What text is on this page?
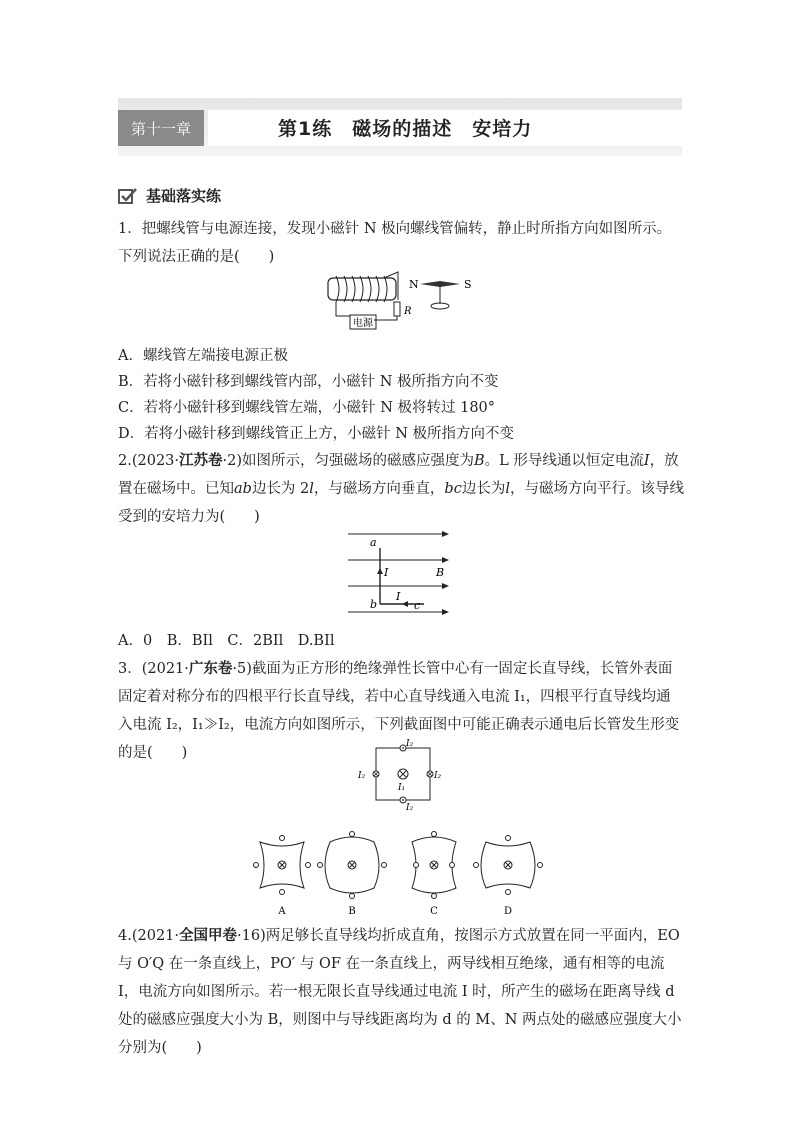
第十一章	第1练　磁场的描述　安培力
基础落实练
1．把螺线管与电源连接，发现小磁针 N 极向螺线管偏转，静止时所指方向如图所示。下列说法正确的是(　　)
电源
R
N	S
A．螺线管左端接电源正极
B．若将小磁针移到螺线管内部，小磁针 N 极所指方向不变
C．若将小磁针移到螺线管左端，小磁针 N 极将转过 180°
D．若将小磁针移到螺线管正上方，小磁针 N 极所指方向不变
2.(2023·江苏卷·2)如图所示，匀强磁场的磁感应强度为B。L 形导线通以恒定电流I，放置在磁场中。已知ab边长为 2l，与磁场方向垂直，bc边长为l，与磁场方向平行。该导线受到的安培力为(　　)
a
I	B
b
I
c
A．0　B．BIl　C．2BIl　D.BIl
3．(2021·广东卷·5)截面为正方形的绝缘弹性长管中心有一固定长直导线，长管外表面固定着对称分布的四根平行长直导线，若中心直导线通入电流 I₁，四根平行直导线均通入电流 I₂，I₁≫I₂，电流方向如图所示，下列截面图中可能正确表示通电后长管发生形变的是(　　)
I₂
I₂	I₂
I₁
I₂
A	B	C	D
4.(2021·全国甲卷·16)两足够长直导线均折成直角，按图示方式放置在同一平面内，EO 与 O′Q 在一条直线上，PO′ 与 OF 在一条直线上，两导线相互绝缘，通有相等的电流 I，电流方向如图所示。若一根无限长直导线通过电流 I 时，所产生的磁场在距离导线 d 处的磁感应强度大小为 B，则图中与导线距离均为 d 的 M、N 两点处的磁感应强度大小分别为(　　)
